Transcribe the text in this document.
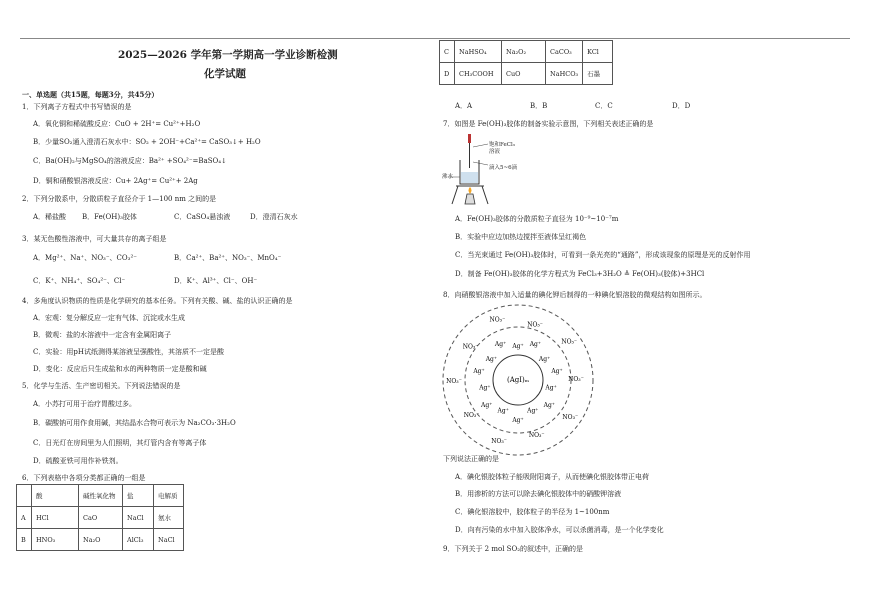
2025—2026 学年第一学期高一学业诊断检测
化学试题
一、单选题（共15题，每题3分，共45分）
1．下列离子方程式中书写错误的是
A．氧化铜和稀硫酸反应：CuO + 2H⁺= Cu²⁺+H₂O
B．少量SO₂通入澄清石灰水中：SO₂ + 2OH⁻+Ca²⁺= CaSO₃↓+ H₂O
C．Ba(OH)₂与MgSO₄的溶液反应：Ba²⁺ +SO₄²⁻=BaSO₄↓
D．铜和硝酸银溶液反应：Cu+ 2Ag⁺= Cu²⁺+ 2Ag
2．下列分散系中，分散质粒子直径介于 1—100 nm 之间的是
A．稀盐酸 B．Fe(OH)₃胶体	C．CaSO₄悬浊液	D．澄清石灰水
3．某无色酸性溶液中，可大量共存的离子组是
A．Mg²⁺、Na⁺、NO₃⁻、CO₃²⁻	B．Ca²⁺、Ba²⁺、NO₃⁻、MnO₄⁻
C．K⁺、NH₄⁺、SO₄²⁻、Cl⁻	D．K⁺、Al³⁺、Cl⁻、OH⁻
4．多角度认识物质的性质是化学研究的基本任务。下列有关酸、碱、盐的认识正确的是
A．宏观：复分解反应一定有气体、沉淀或水生成
B．微观：盐的水溶液中一定含有金属阳离子
C．实验：用pH试纸测得某溶液呈强酸性，其溶质不一定是酸
D．变化：反应后只生成盐和水的两种物质一定是酸和碱
5．化学与生活、生产密切相关。下列说法错误的是
A．小苏打可用于治疗胃酸过多。
B．碳酸钠可用作食用碱，其结晶水合物可表示为 Na₂CO₃·3H₂O
C．日光灯在房间里为人们照明，其灯管内含有等离子体
D．硫酸亚铁可用作补铁剂。
6．下列表格中各项分类都正确的一组是
	酸	碱性氧化物	盐	电解质
A	HCl	CaO	NaCl	氨水
B	HNO₃	Na₂O	AlCl₃	NaCl
C	NaHSO₄	Na₂O₂	CaCO₃	KCl
D	CH₃COOH	CuO	NaHCO₃	石墨
A．A	B．B	C．C	D．D
7．如图是 Fe(OH)₃胶体的制备实验示意图，下列相关表述正确的是
饱和FeCl₃
溶液
滴入5~6滴
沸水
A．Fe(OH)₃胶体的分散质粒子直径为 10⁻⁹~10⁻⁷m
B．实验中应边加热边搅拌至液体呈红褐色
C．当光束通过 Fe(OH)₃胶体时，可看到一条光亮的“通路”，形成该现象的原理是光的反射作用
D．制备 Fe(OH)₃胶体的化学方程式为 FeCl₃+3H₂O ≜ Fe(OH)₃(胶体)+3HCl
8．向硝酸银溶液中加入适量的碘化钾后制得的一种碘化银溶胶的微观结构如图所示。
(AgI)ₘ
Ag⁺ Ag⁺
Ag⁺
Ag⁺
Ag⁺
Ag⁺
Ag⁺
Ag⁺
Ag⁺
Ag⁺
Ag⁺
Ag⁺
Ag⁺
Ag⁺
NO₃⁻
NO₃⁻
NO₃⁻
NO₃⁻
NO₃⁻
NO₃⁻
NO₃⁻
NO₃⁻
NO₃⁻
NO₃⁻
下列说法正确的是
A．碘化银胶体粒子能吸附阳离子，从而使碘化银胶体带正电荷
B．用渗析的方法可以除去碘化银胶体中的硝酸钾溶液
C．碘化银溶胶中，胶体粒子的半径为 1~100nm
D．向有污染的水中加入胶体净水，可以杀菌消毒，是一个化学变化
9．下列关于 2 mol SO₂的叙述中，正确的是
